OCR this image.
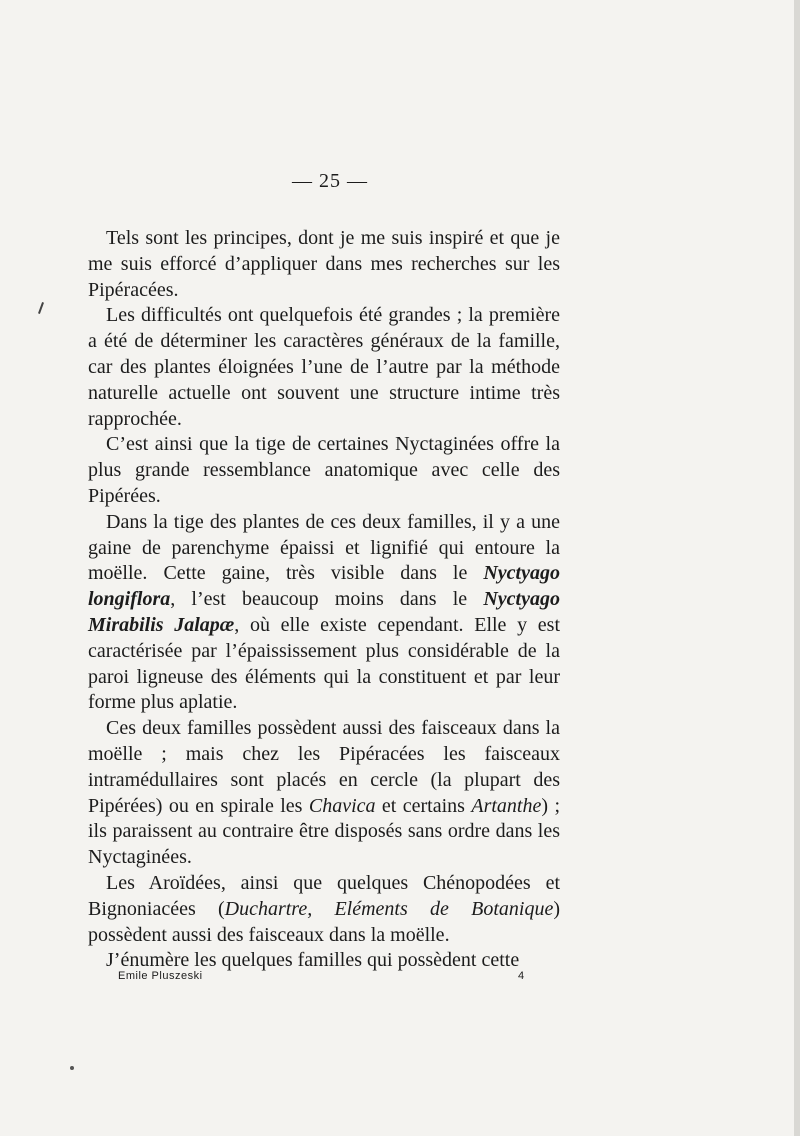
— 25 —

Tels sont les principes, dont je me suis inspiré et que je me suis efforcé d’appliquer dans mes recherches sur les Pipéracées.

Les difficultés ont quelquefois été grandes ; la première a été de déterminer les caractères généraux de la famille, car des plantes éloignées l’une de l’autre par la méthode naturelle actuelle ont souvent une structure intime très rapprochée.

C’est ainsi que la tige de certaines Nyctaginées offre la plus grande ressemblance anatomique avec celle des Pipérées.

Dans la tige des plantes de ces deux familles, il y a une gaine de parenchyme épaissi et lignifié qui entoure la moëlle. Cette gaine, très visible dans le Nyctyago longiflora, l’est beaucoup moins dans le Nyctyago Mirabilis Jalapæ, où elle existe cependant. Elle y est caractérisée par l’épaississement plus considérable de la paroi ligneuse des éléments qui la constituent et par leur forme plus aplatie.

Ces deux familles possèdent aussi des faisceaux dans la moëlle ; mais chez les Pipéracées les faisceaux intramédullaires sont placés en cercle (la plupart des Pipérées) ou en spirale les Chavica et certains Artanthe) ; ils paraissent au contraire être disposés sans ordre dans les Nyctaginées.

Les Aroïdées, ainsi que quelques Chénopodées et Bignoniacées (Duchartre, Eléments de Botanique) possèdent aussi des faisceaux dans la moëlle.

J’énumère les quelques familles qui possèdent cette

Emile Pluszeski	4
